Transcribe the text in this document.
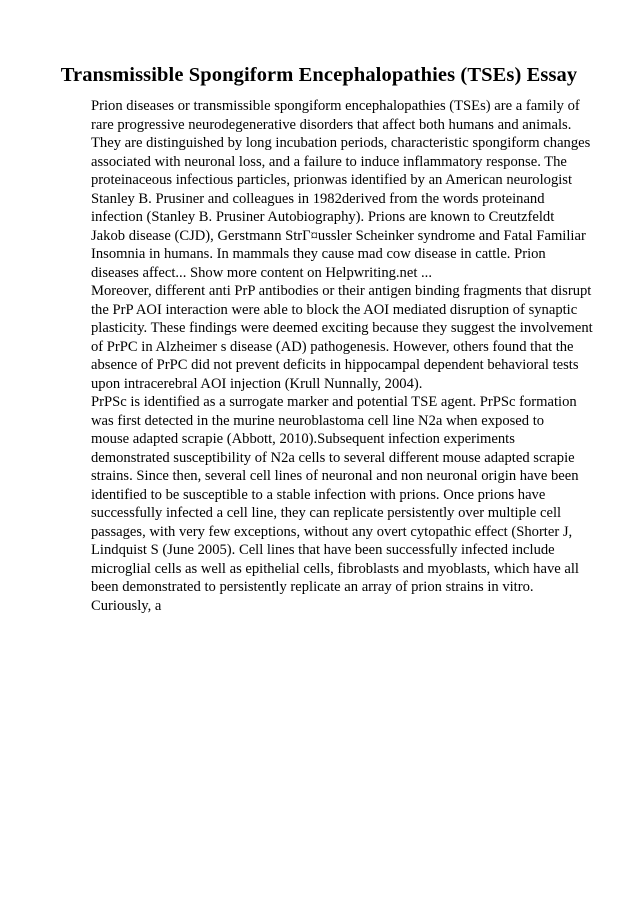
Transmissible Spongiform Encephalopathies (TSEs) Essay

Prion diseases or transmissible spongiform encephalopathies (TSEs) are a family of
rare progressive neurodegenerative disorders that affect both humans and animals.
They are distinguished by long incubation periods, characteristic spongiform changes
associated with neuronal loss, and a failure to induce inflammatory response. The
proteinaceous infectious particles, prionwas identified by an American neurologist
Stanley B. Prusiner and colleagues in 1982derived from the words proteinand
infection (Stanley B. Prusiner Autobiography). Prions are known to Creutzfeldt
Jakob disease (CJD), Gerstmann StrГ¤ussler Scheinker syndrome and Fatal Familiar
Insomnia in humans. In mammals they cause mad cow disease in cattle. Prion
diseases affect... Show more content on Helpwriting.net ...

Moreover, different anti PrP antibodies or their antigen binding fragments that disrupt
the PrP AOI interaction were able to block the AOI mediated disruption of synaptic
plasticity. These findings were deemed exciting because they suggest the involvement
of PrPC in Alzheimer s disease (AD) pathogenesis. However, others found that the
absence of PrPC did not prevent deficits in hippocampal dependent behavioral tests
upon intracerebral AOI injection (Krull Nunnally, 2004).

PrPSc is identified as a surrogate marker and potential TSE agent. PrPSc formation
was first detected in the murine neuroblastoma cell line N2a when exposed to
mouse adapted scrapie (Abbott, 2010).Subsequent infection experiments
demonstrated susceptibility of N2a cells to several different mouse adapted scrapie
strains. Since then, several cell lines of neuronal and non neuronal origin have been
identified to be susceptible to a stable infection with prions. Once prions have
successfully infected a cell line, they can replicate persistently over multiple cell
passages, with very few exceptions, without any overt cytopathic effect (Shorter J,
Lindquist S (June 2005). Cell lines that have been successfully infected include
microglial cells as well as epithelial cells, fibroblasts and myoblasts, which have all
been demonstrated to persistently replicate an array of prion strains in vitro.
Curiously, a
